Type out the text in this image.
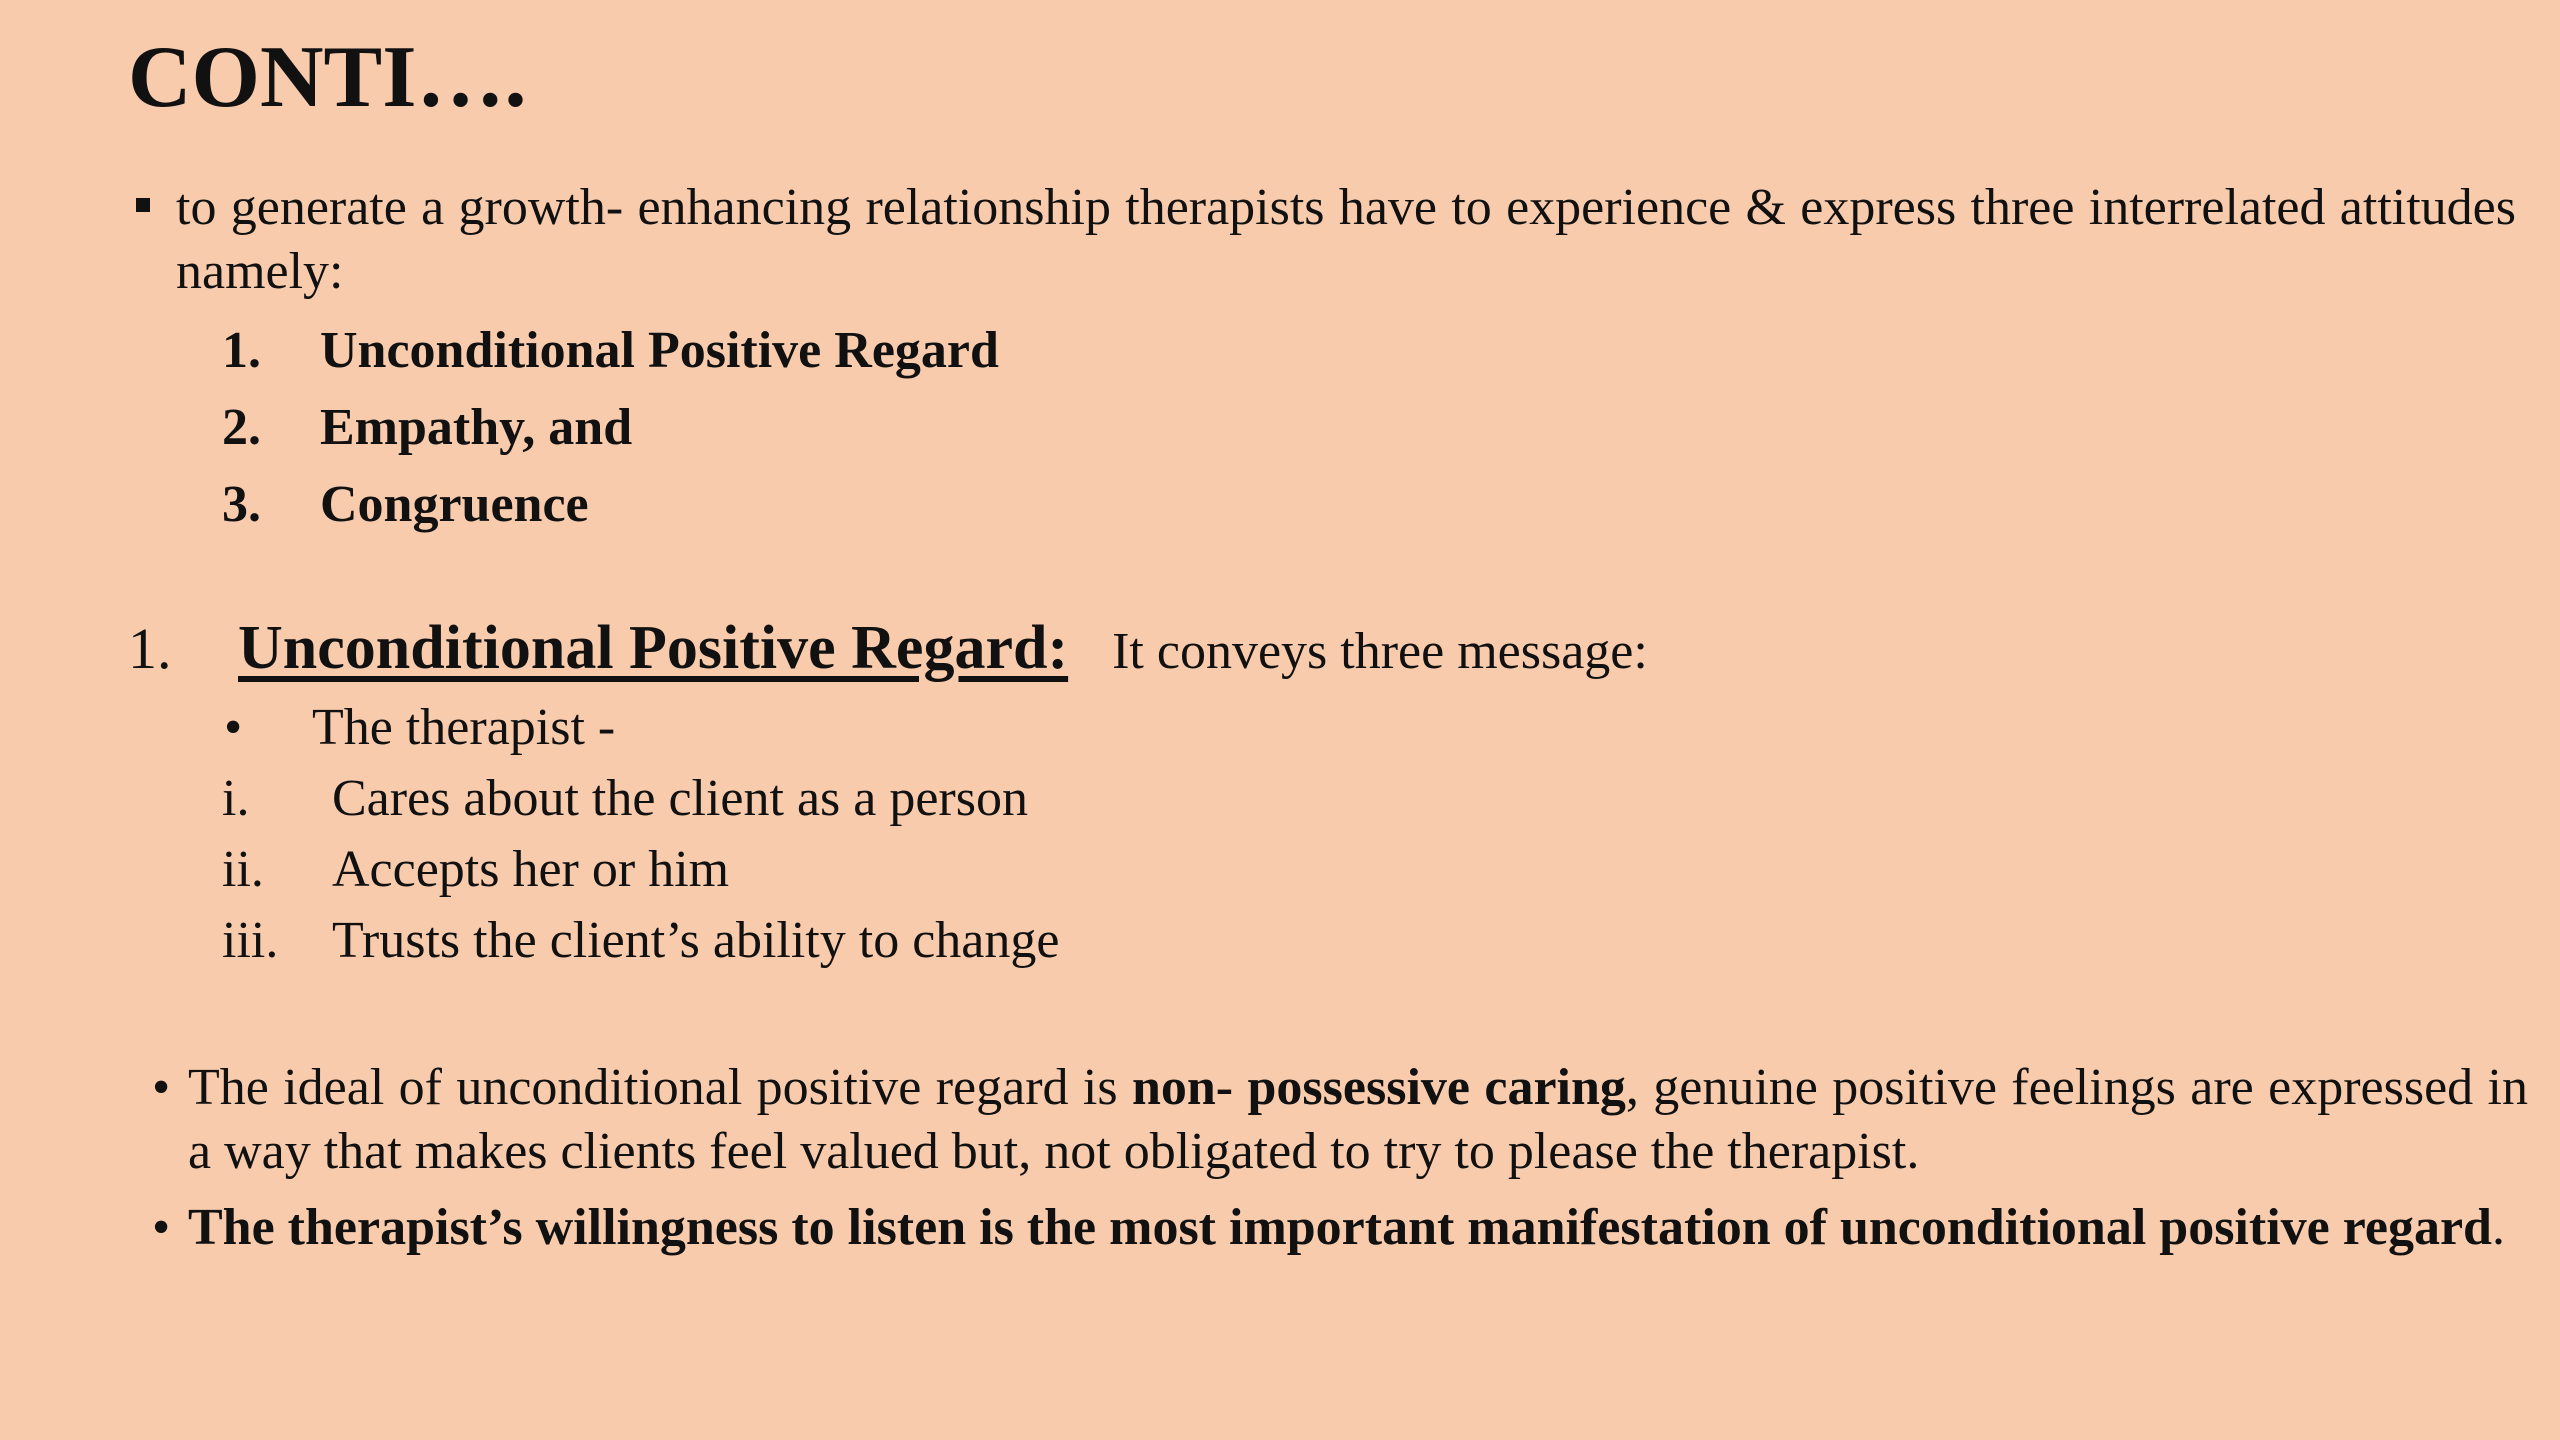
CONTI….
to generate a growth- enhancing relationship therapists have to experience & express three interrelated attitudes namely:
1.	Unconditional Positive Regard
2.	Empathy, and
3.	Congruence
1. Unconditional Positive Regard: It conveys three message:
•	The therapist -
i.	Cares about the client as a person
ii.	Accepts her or him
iii.	Trusts the client’s ability to change

• The ideal of unconditional positive regard is non- possessive caring, genuine positive feelings are expressed in a way that makes clients feel valued but, not obligated to try to please the therapist.

• The therapist’s willingness to listen is the most important manifestation of unconditional positive regard.
